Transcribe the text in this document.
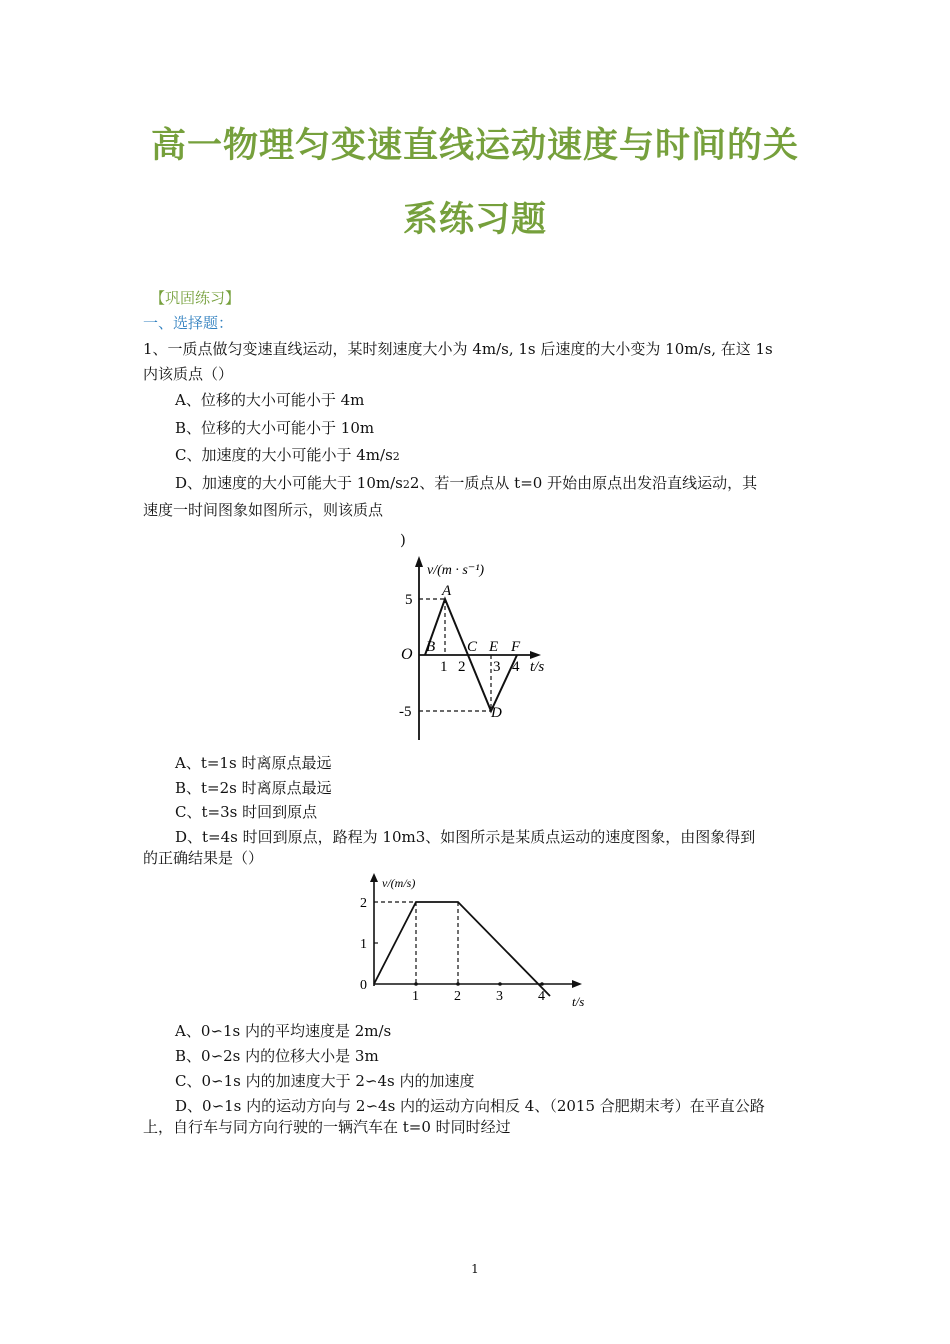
高一物理匀变速直线运动速度与时间的关
系练习题
【巩固练习】
一、选择题：
1、一质点做匀变速直线运动，某时刻速度大小为 4m/s, 1s 后速度的大小变为 10m/s, 在这 1s
内该质点（）
A、位移的大小可能小于 4m
B、位移的大小可能小于 10m
C、加速度的大小可能小于 4m/s2
D、加速度的大小可能大于 10m/s22、若一质点从 t=0 开始由原点出发沿直线运动，其
速度一时间图象如图所示，则该质点
)
v/(m · s⁻¹)
O
5
-5
A
B C E F
D
1 2 3 4 t/s
A、t=1s 时离原点最远
B、t=2s 时离原点最远
C、t=3s 时回到原点
D、t=4s 时回到原点，路程为 10m3、如图所示是某质点运动的速度图象，由图象得到
的正确结果是（）
v/(m/s)
2
1
0
1	2	3	4 t/s
A、0∽1s 内的平均速度是 2m/s
B、0∽2s 内的位移大小是 3m
C、0∽1s 内的加速度大于 2∽4s 内的加速度
D、0∽1s 内的运动方向与 2∽4s 内的运动方向相反 4、（2015 合肥期末考）在平直公路
上，自行车与同方向行驶的一辆汽车在 t=0 时同时经过
1
